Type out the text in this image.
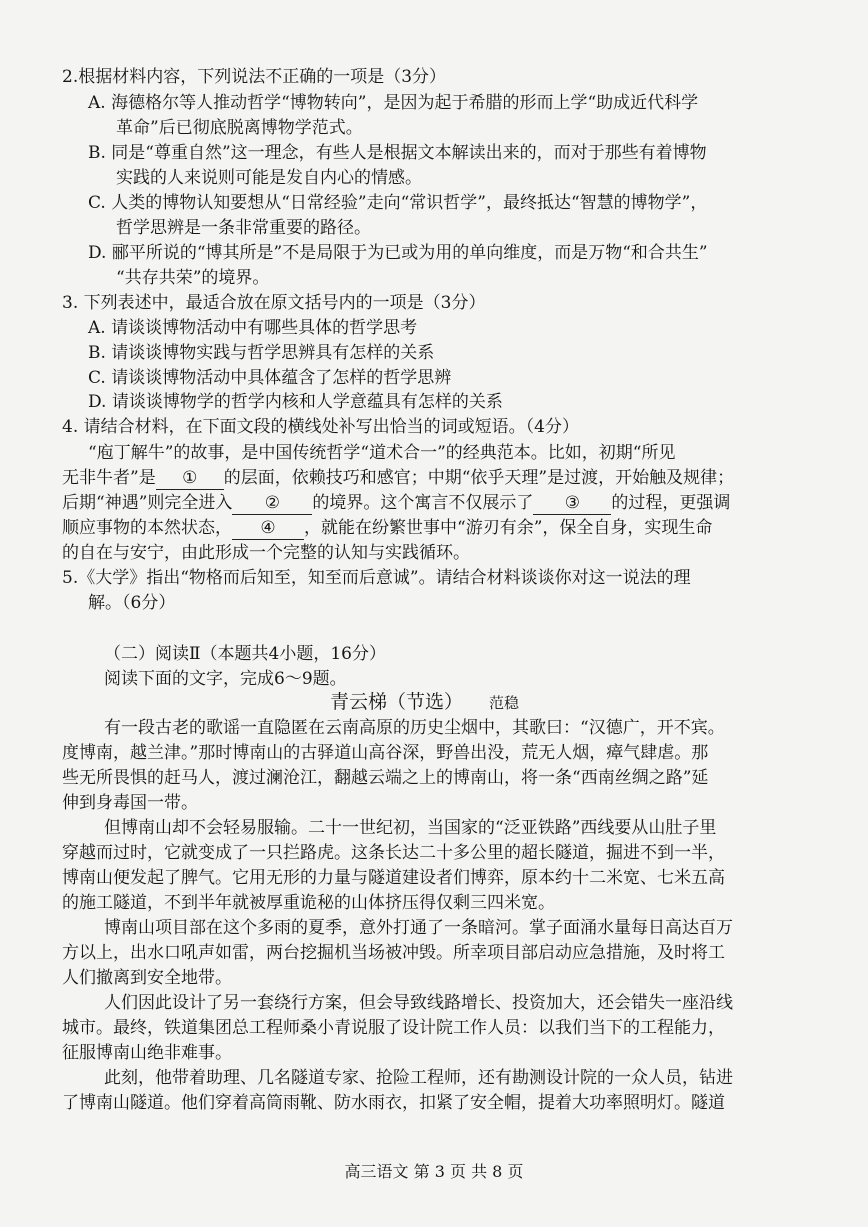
2.根据材料内容，下列说法不正确的一项是（3分）
A. 海德格尔等人推动哲学“博物转向”，是因为起于希腊的形而上学“助成近代科学
革命”后已彻底脱离博物学范式。
B. 同是“尊重自然”这一理念，有些人是根据文本解读出来的，而对于那些有着博物
实践的人来说则可能是发自内心的情感。
C. 人类的博物认知要想从“日常经验”走向“常识哲学”，最终抵达“智慧的博物学”，
哲学思辨是一条非常重要的路径。
D. 郦平所说的“博其所是”不是局限于为已或为用的单向维度，而是万物“和合共生”
“共存共荣”的境界。
3. 下列表述中，最适合放在原文括号内的一项是（3分）
A. 请谈谈博物活动中有哪些具体的哲学思考
B. 请谈谈博物实践与哲学思辨具有怎样的关系
C. 请谈谈博物活动中具体蕴含了怎样的哲学思辨
D. 请谈谈博物学的哲学内核和人学意蕴具有怎样的关系
4. 请结合材料，在下面文段的横线处补写出恰当的词或短语。（4分）
“庖丁解牛”的故事，是中国传统哲学“道术合一”的经典范本。比如，初期“所见
无非牛者”是 ① 的层面，依赖技巧和感官；中期“依乎天理”是过渡，开始触及规律；
后期“神遇”则完全进入 ② 的境界。这个寓言不仅展示了 ③ 的过程，更强调
顺应事物的本然状态， ④ ，就能在纷繁世事中“游刃有余”，保全自身，实现生命
的自在与安宁，由此形成一个完整的认知与实践循环。
5.《大学》指出“物格而后知至，知至而后意诚”。请结合材料谈谈你对这一说法的理
解。（6分）
（二）阅读Ⅱ（本题共4小题，16分）
阅读下面的文字，完成6～9题。
青云梯（节选） 范稳
有一段古老的歌谣一直隐匿在云南高原的历史尘烟中，其歌曰：“汉德广，开不宾。
度博南，越兰津。”那时博南山的古驿道山高谷深，野兽出没，荒无人烟，瘴气肆虐。那
些无所畏惧的赶马人，渡过澜沧江，翻越云端之上的博南山，将一条“西南丝绸之路”延
伸到身毒国一带。
但博南山却不会轻易服输。二十一世纪初，当国家的“泛亚铁路”西线要从山肚子里
穿越而过时，它就变成了一只拦路虎。这条长达二十多公里的超长隧道，掘进不到一半，
博南山便发起了脾气。它用无形的力量与隧道建设者们博弈，原本约十二米宽、七米五高
的施工隧道，不到半年就被厚重诡秘的山体挤压得仅剩三四米宽。
博南山项目部在这个多雨的夏季，意外打通了一条暗河。掌子面涌水量每日高达百万
方以上，出水口吼声如雷，两台挖掘机当场被冲毁。所幸项目部启动应急措施，及时将工
人们撤离到安全地带。
人们因此设计了另一套绕行方案，但会导致线路增长、投资加大，还会错失一座沿线
城市。最终，铁道集团总工程师桑小青说服了设计院工作人员：以我们当下的工程能力，
征服博南山绝非难事。
此刻，他带着助理、几名隧道专家、抢险工程师，还有勘测设计院的一众人员，钻进
了博南山隧道。他们穿着高筒雨靴、防水雨衣，扣紧了安全帽，提着大功率照明灯。隧道
高三语文 第 3 页 共 8 页
